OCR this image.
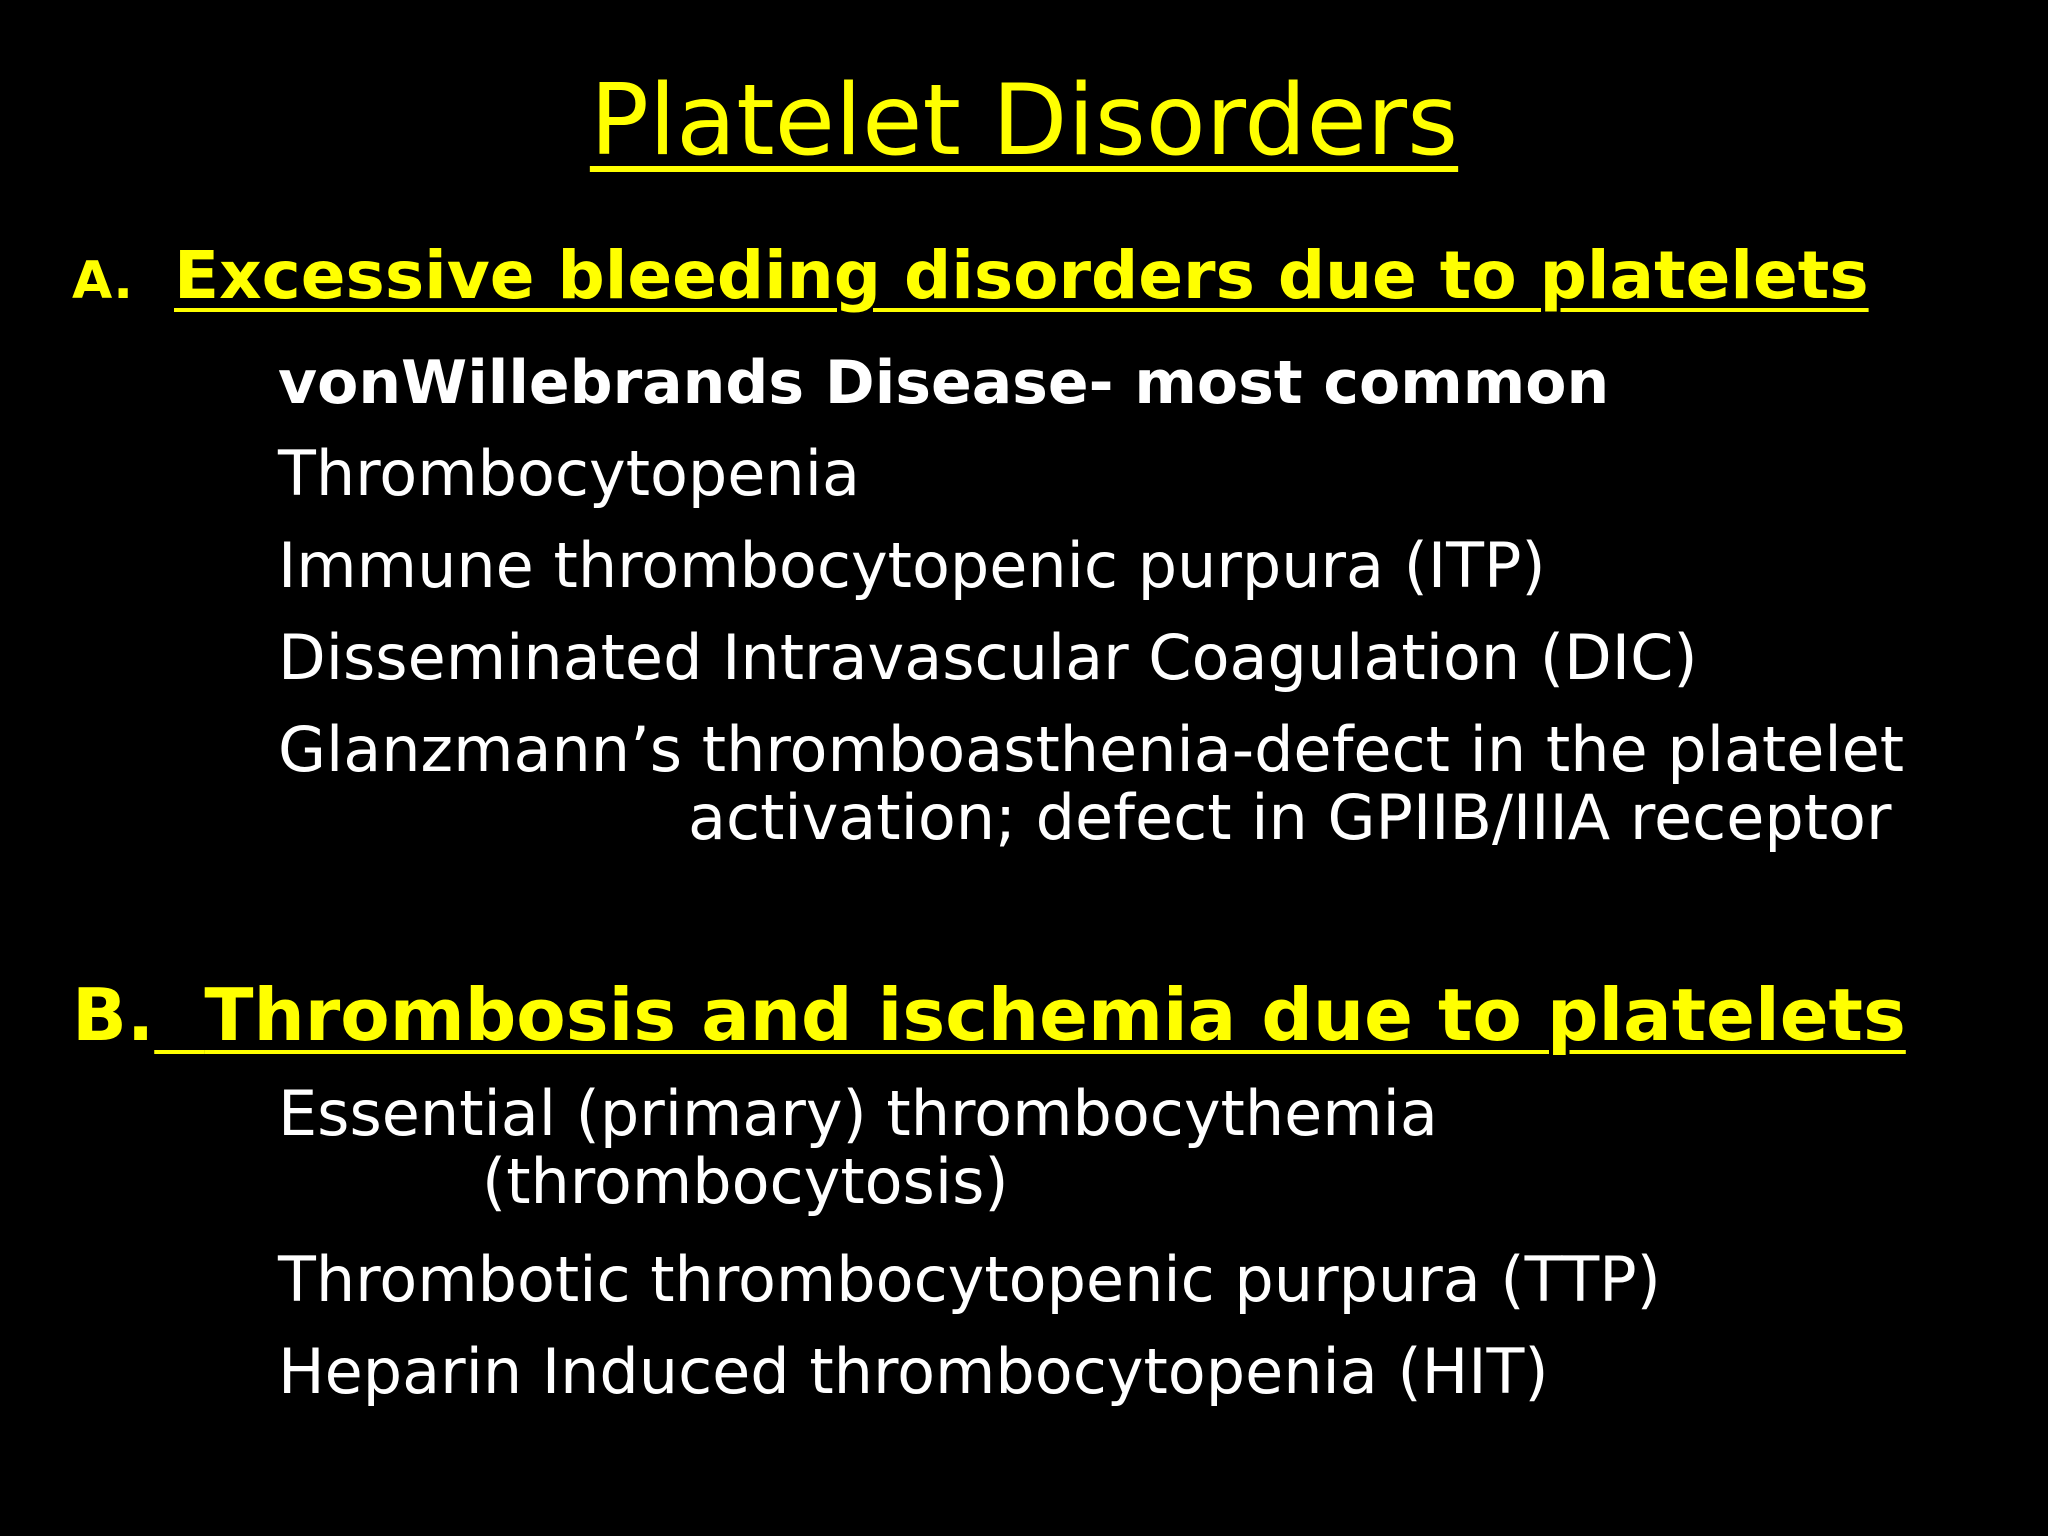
Platelet Disorders
A. Excessive bleeding disorders due to platelets
vonWillebrands Disease- most common
Thrombocytopenia
Immune thrombocytopenic purpura (ITP)
Disseminated Intravascular Coagulation (DIC)
Glanzmann’s thromboasthenia-defect in the platelet
activation; defect in GPIIB/IIIA receptor
B. Thrombosis and ischemia due to platelets
Essential (primary) thrombocythemia
(thrombocytosis)
Thrombotic thrombocytopenic purpura (TTP)
Heparin Induced thrombocytopenia (HIT)
